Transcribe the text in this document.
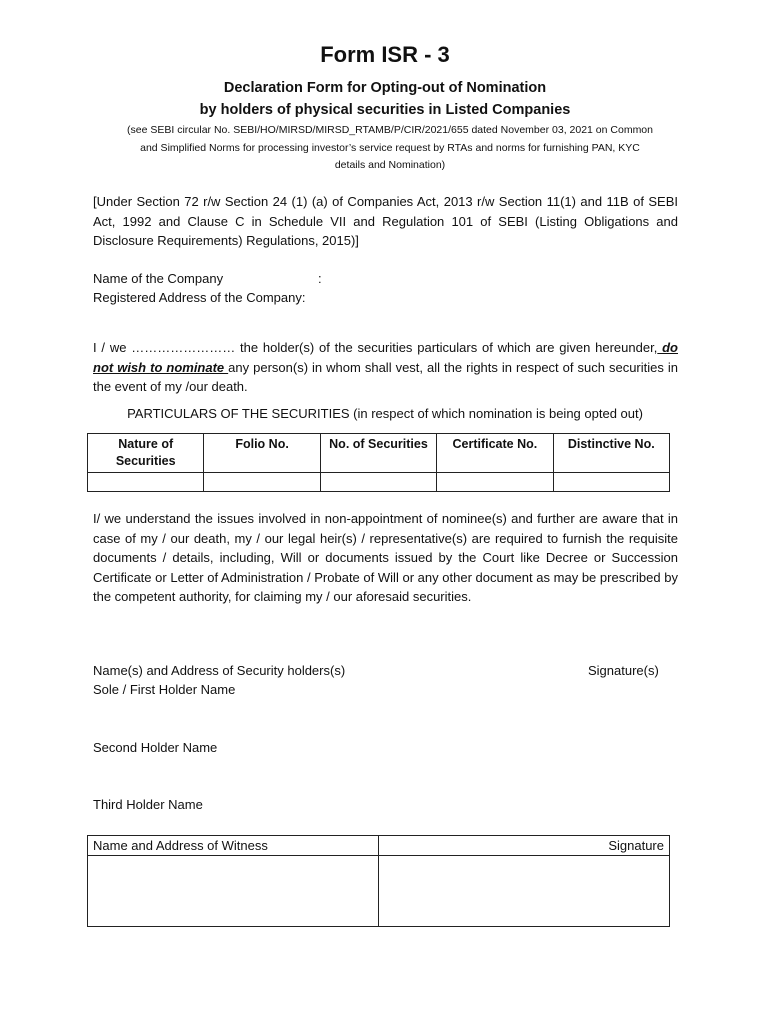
Form ISR - 3
Declaration Form for Opting-out of Nomination
by holders of physical securities in Listed Companies
(see SEBI circular No. SEBI/HO/MIRSD/MIRSD_RTAMB/P/CIR/2021/655 dated November 03, 2021 on Common
and Simplified Norms for processing investor’s service request by RTAs and norms for furnishing PAN, KYC
details and Nomination)
[Under Section 72 r/w Section 24 (1) (a) of Companies Act, 2013 r/w Section 11(1) and 11B of SEBI Act, 1992 and Clause C in Schedule VII and Regulation 101 of SEBI (Listing Obligations and Disclosure Requirements) Regulations, 2015)]
Name of the Company	:
Registered Address of the Company:
I / we …………………… the holder(s) of the securities particulars of which are given hereunder, do not wish to nominate any person(s) in whom shall vest, all the rights in respect of such securities in the event of my /our death.
PARTICULARS OF THE SECURITIES (in respect of which nomination is being opted out)
Nature of Securities	Folio No.	No. of Securities	Certificate No.	Distinctive No.

I/ we understand the issues involved in non-appointment of nominee(s) and further are aware that in case of my / our death, my / our legal heir(s) / representative(s) are required to furnish the requisite documents / details, including, Will or documents issued by the Court like Decree or Succession Certificate or Letter of Administration / Probate of Will or any other document as may be prescribed by the competent authority, for claiming my / our aforesaid securities.
Name(s) and Address of Security holders(s)	Signature(s)
Sole / First Holder Name
Second Holder Name
Third Holder Name
Name and Address of Witness	Signature
